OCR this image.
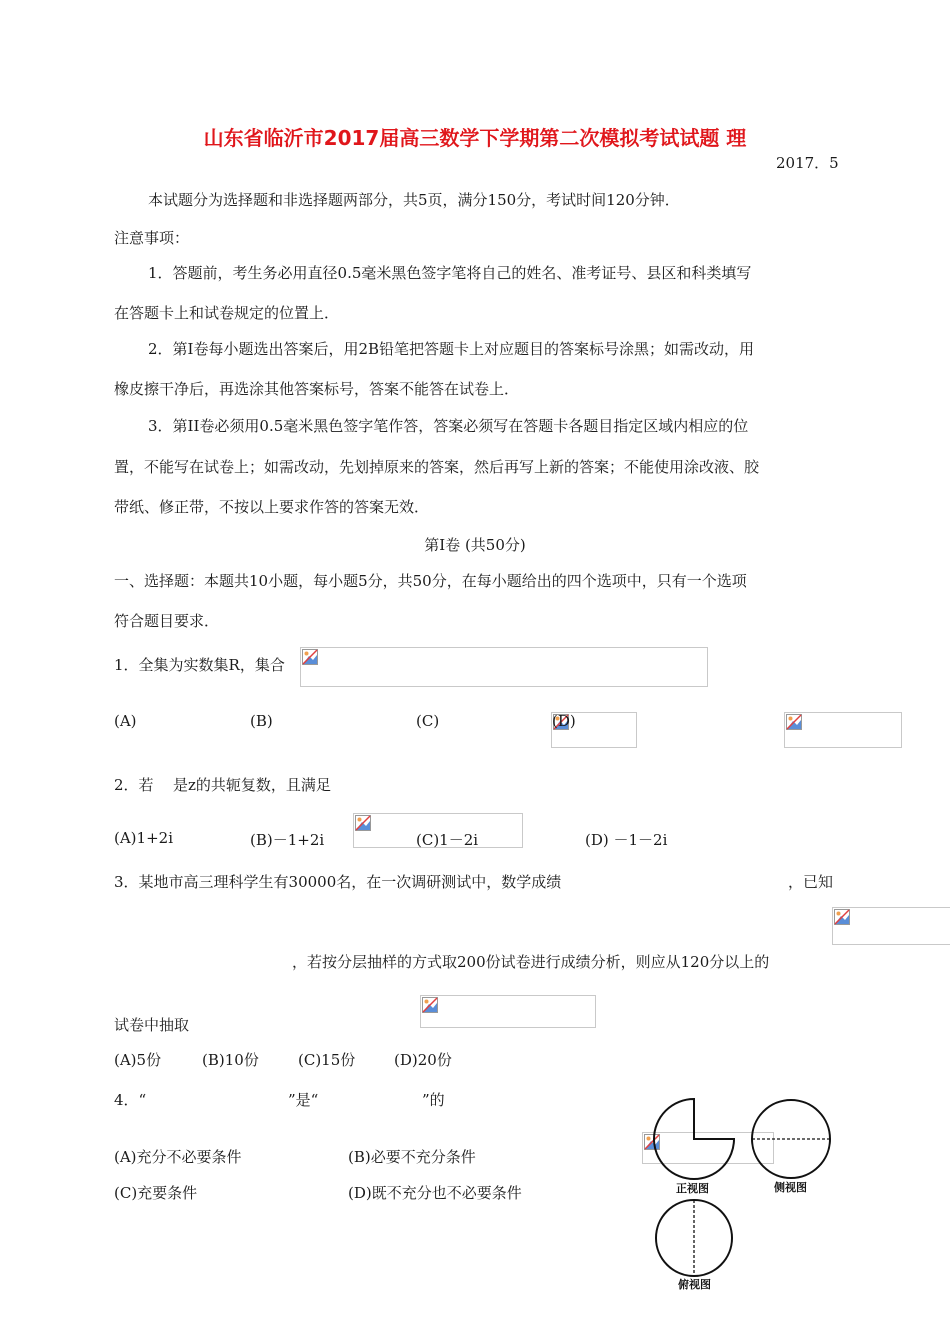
山东省临沂市2017届高三数学下学期第二次模拟考试试题 理
2017．5
本试题分为选择题和非选择题两部分，共5页，满分150分，考试时间120分钟．
注意事项：
1．答题前，考生务必用直径0.5毫米黑色签字笔将自己的姓名、准考证号、县区和科类填写
在答题卡上和试卷规定的位置上．
2．第Ⅰ卷每小题选出答案后，用2B铅笔把答题卡上对应题目的答案标号涂黑；如需改动，用
橡皮擦干净后，再选涂其他答案标号，答案不能答在试卷上．
3．第II卷必须用0.5毫米黑色签字笔作答，答案必须写在答题卡各题目指定区域内相应的位
置，不能写在试卷上；如需改动，先划掉原来的答案，然后再写上新的答案；不能使用涂改液、胶
带纸、修正带，不按以上要求作答的答案无效．
第Ⅰ卷 (共50分)
一、选择题：本题共10小题，每小题5分，共50分，在每小题给出的四个选项中，只有一个选项
符合题目要求．
1．全集为实数集R，集合

(A)
	(B)
	(C)
	(D)

2．若
是z的共轭复数，且满足

(A)1+2i	(B)－1+2i	(C)1－2i	(D) －1－2i
3．某地市高三理科学生有30000名，在一次调研测试中，数学成绩
	，已知

，若按分层抽样的方式取200份试卷进行成绩分析，则应从120分以上的
试卷中抽取
(A)5份	(B)10份	(C)15份	(D)20份
4．“
	”是“	”的
(A)充分不必要条件	(B)必要不充分条件
(C)充要条件	(D)既不充分也不必要条件	正视图	侧视图
俯视图
